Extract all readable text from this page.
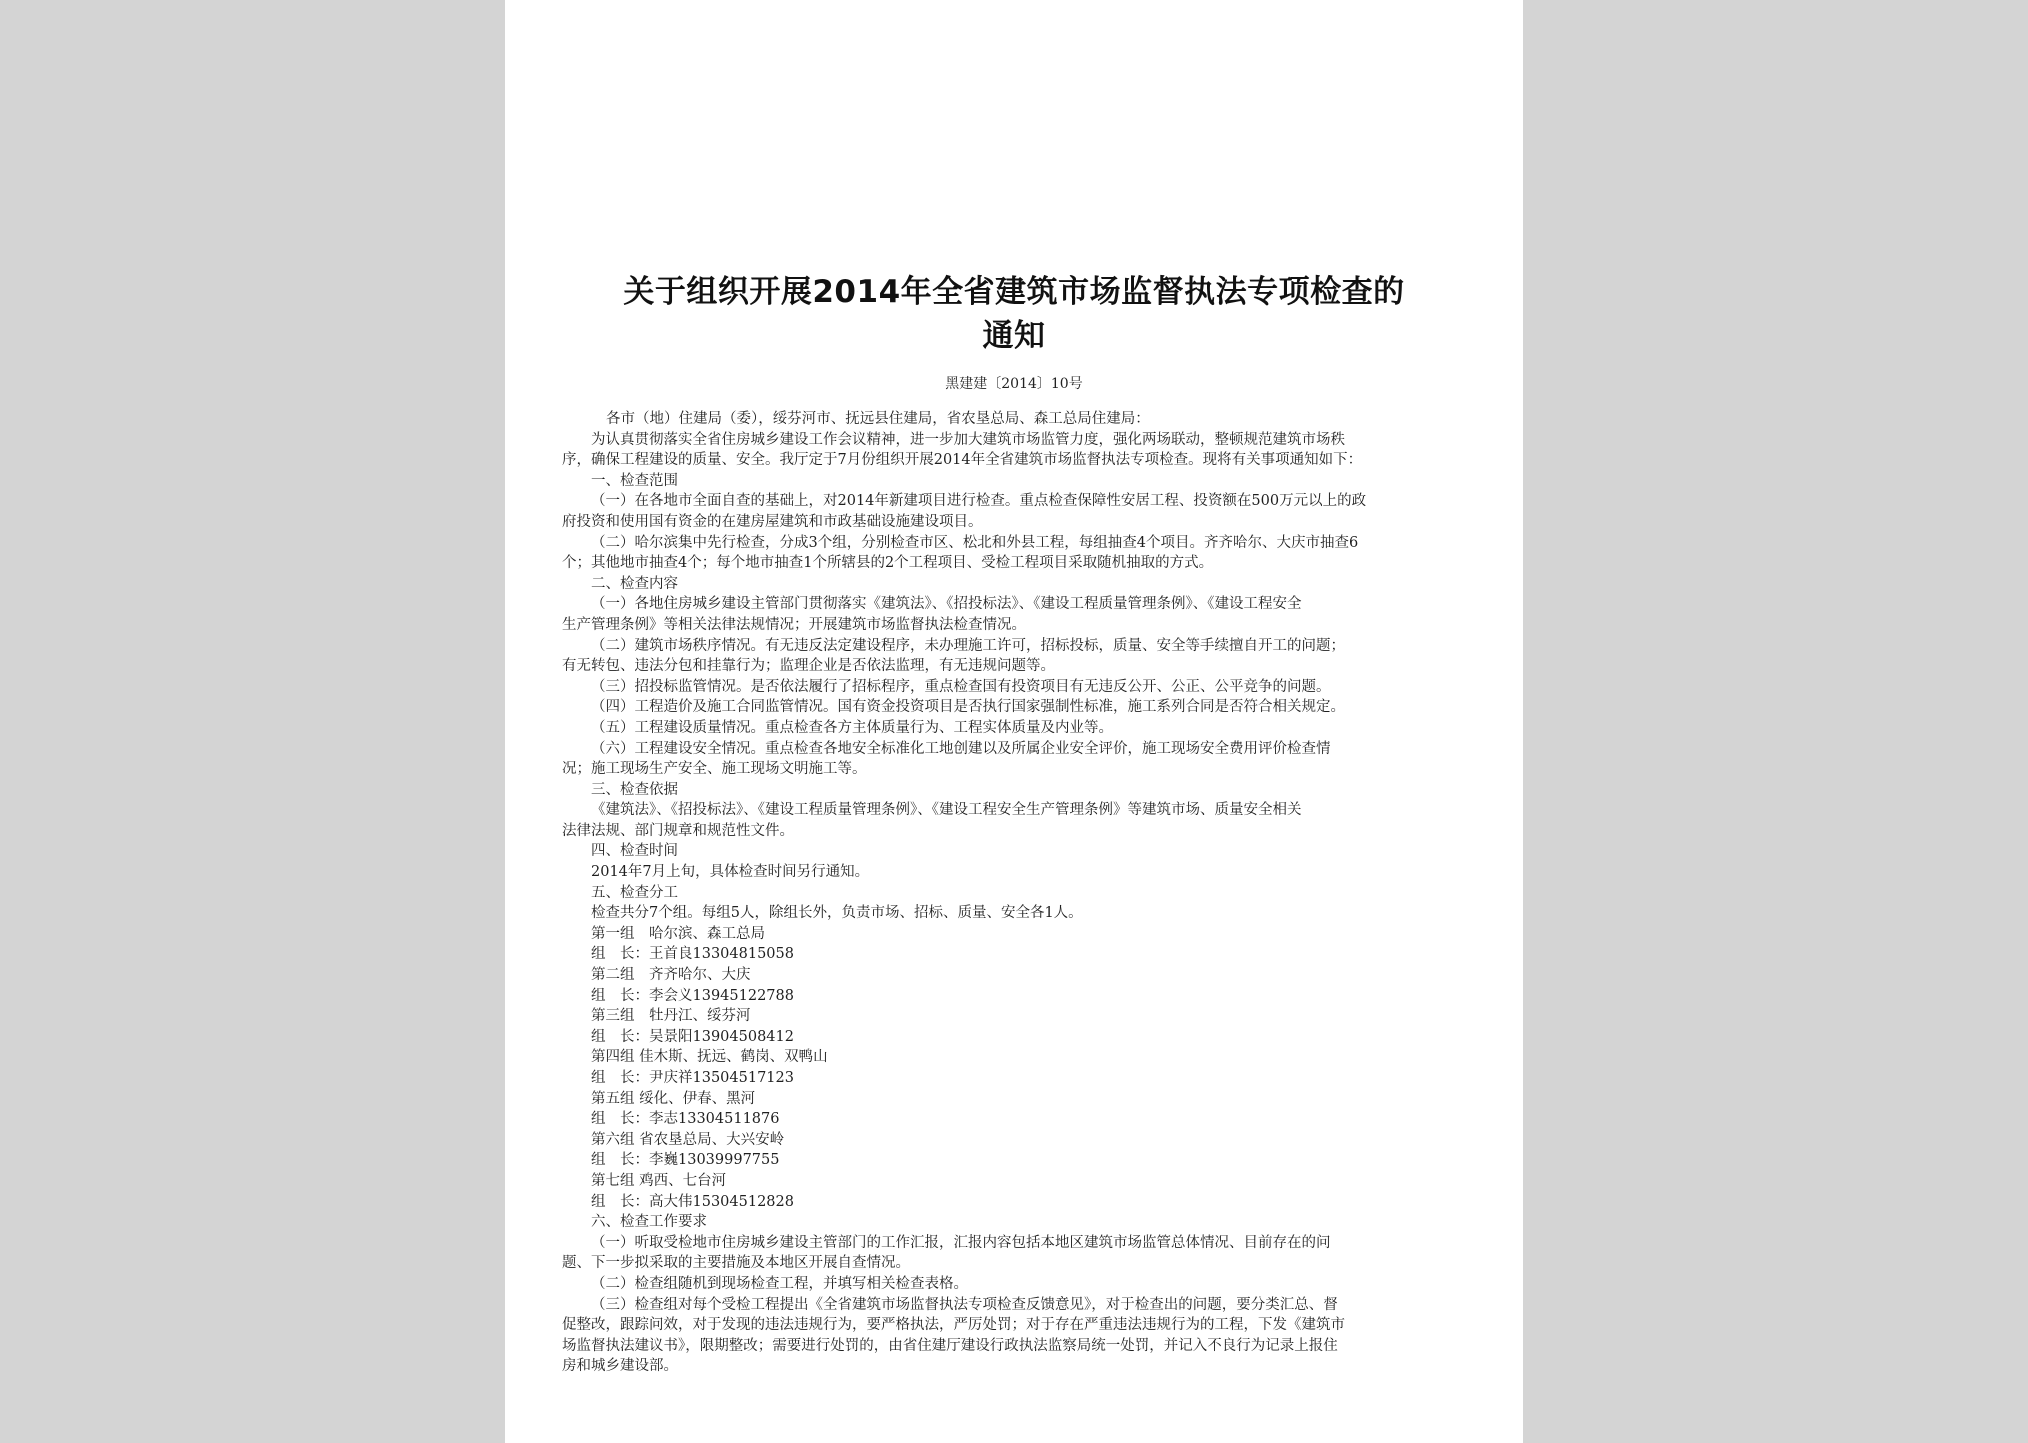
关于组织开展2014年全省建筑市场监督执法专项检查的
通知
黑建建〔2014〕10号
各市（地）住建局（委），绥芬河市、抚远县住建局，省农垦总局、森工总局住建局：
为认真贯彻落实全省住房城乡建设工作会议精神，进一步加大建筑市场监管力度，强化两场联动，整顿规范建筑市场秩
序，确保工程建设的质量、安全。我厅定于7月份组织开展2014年全省建筑市场监督执法专项检查。现将有关事项通知如下：
一、检查范围
（一）在各地市全面自查的基础上，对2014年新建项目进行检查。重点检查保障性安居工程、投资额在500万元以上的政
府投资和使用国有资金的在建房屋建筑和市政基础设施建设项目。
（二）哈尔滨集中先行检查，分成3个组，分别检查市区、松北和外县工程，每组抽查4个项目。齐齐哈尔、大庆市抽查6
个；其他地市抽查4个；每个地市抽查1个所辖县的2个工程项目、受检工程项目采取随机抽取的方式。
二、检查内容
（一）各地住房城乡建设主管部门贯彻落实《建筑法》、《招投标法》、《建设工程质量管理条例》、《建设工程安全
生产管理条例》等相关法律法规情况；开展建筑市场监督执法检查情况。
（二）建筑市场秩序情况。有无违反法定建设程序，未办理施工许可，招标投标，质量、安全等手续擅自开工的问题；
有无转包、违法分包和挂靠行为；监理企业是否依法监理，有无违规问题等。
（三）招投标监管情况。是否依法履行了招标程序，重点检查国有投资项目有无违反公开、公正、公平竞争的问题。
（四）工程造价及施工合同监管情况。国有资金投资项目是否执行国家强制性标准，施工系列合同是否符合相关规定。
（五）工程建设质量情况。重点检查各方主体质量行为、工程实体质量及内业等。
（六）工程建设安全情况。重点检查各地安全标准化工地创建以及所属企业安全评价，施工现场安全费用评价检查情
况；施工现场生产安全、施工现场文明施工等。
三、检查依据
《建筑法》、《招投标法》、《建设工程质量管理条例》、《建设工程安全生产管理条例》等建筑市场、质量安全相关
法律法规、部门规章和规范性文件。
四、检查时间
2014年7月上旬，具体检查时间另行通知。
五、检查分工
检查共分7个组。每组5人，除组长外，负责市场、招标、质量、安全各1人。
第一组　哈尔滨、森工总局
组　长：王首良13304815058
第二组　齐齐哈尔、大庆
组　长：李会义13945122788
第三组　牡丹江、绥芬河
组　长：吴景阳13904508412
第四组 佳木斯、抚远、鹤岗、双鸭山
组　长：尹庆祥13504517123
第五组 绥化、伊春、黑河
组　长：李志13304511876
第六组 省农垦总局、大兴安岭
组　长：李巍13039997755
第七组 鸡西、七台河
组　长：高大伟15304512828
六、检查工作要求
（一）听取受检地市住房城乡建设主管部门的工作汇报，汇报内容包括本地区建筑市场监管总体情况、目前存在的问
题、下一步拟采取的主要措施及本地区开展自查情况。
（二）检查组随机到现场检查工程，并填写相关检查表格。
（三）检查组对每个受检工程提出《全省建筑市场监督执法专项检查反馈意见》，对于检查出的问题，要分类汇总、督
促整改，跟踪问效，对于发现的违法违规行为，要严格执法，严厉处罚；对于存在严重违法违规行为的工程，下发《建筑市
场监督执法建议书》，限期整改；需要进行处罚的，由省住建厅建设行政执法监察局统一处罚，并记入不良行为记录上报住
房和城乡建设部。
